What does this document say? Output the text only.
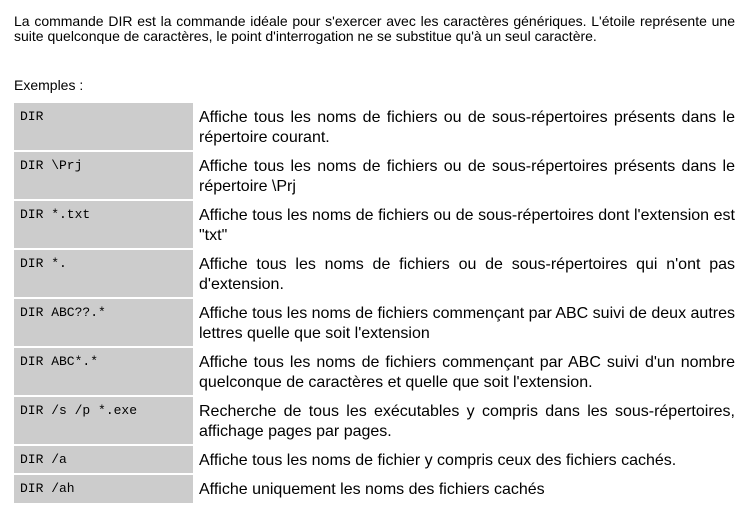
La commande DIR est la commande idéale pour s'exercer avec les caractères génériques. L'étoile représente une suite quelconque de caractères, le point d'interrogation ne se substitue qu'à un seul caractère.

Exemples :

DIR	Affiche tous les noms de fichiers ou de sous-répertoires présents dans le répertoire courant.
DIR \Prj	Affiche tous les noms de fichiers ou de sous-répertoires présents dans le répertoire \Prj
DIR *.txt	Affiche tous les noms de fichiers ou de sous-répertoires dont l'extension est "txt"
DIR *.	Affiche tous les noms de fichiers ou de sous-répertoires qui n'ont pas d'extension.
DIR ABC??.*	Affiche tous les noms de fichiers commençant par ABC suivi de deux autres lettres quelle que soit l'extension
DIR ABC*.*	Affiche tous les noms de fichiers commençant par ABC suivi d'un nombre quelconque de caractères et quelle que soit l'extension.
DIR /s /p *.exe	Recherche de tous les exécutables y compris dans les sous-répertoires, affichage pages par pages.
DIR /a	Affiche tous les noms de fichier y compris ceux des fichiers cachés.
DIR /ah	Affiche uniquement les noms des fichiers cachés
